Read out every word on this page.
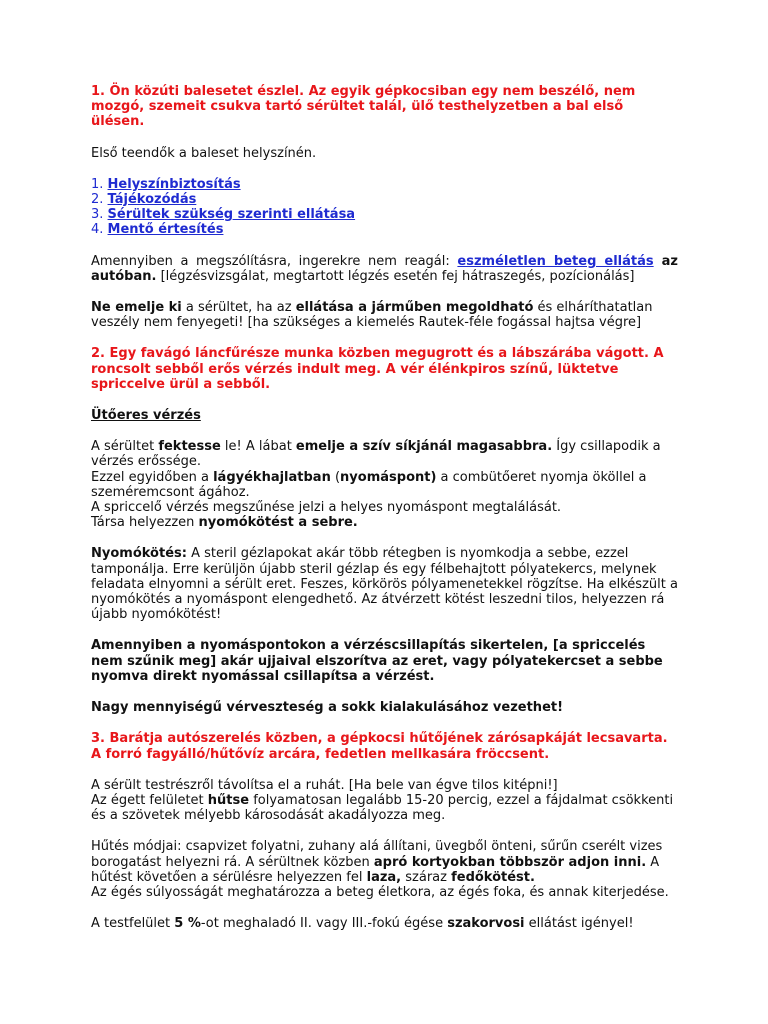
1. Ön közúti balesetet észlel. Az egyik gépkocsiban egy nem beszélő, nem mozgó, szemeit csukva tartó sérültet talál, ülő testhelyzetben a bal első ülésen.

Első teendők a baleset helyszínén.

1. Helyszínbiztosítás

2. Tájékozódás

3. Sérültek szükség szerinti ellátása

4. Mentő értesítés

Amennyiben a megszólításra, ingerekre nem reagál: eszméletlen beteg ellátás az autóban. [légzésvizsgálat, megtartott légzés esetén fej hátraszegés, pozícionálás]

Ne emelje ki a sérültet, ha az ellátása a járműben megoldható és elháríthatatlan veszély nem fenyegeti! [ha szükséges a kiemelés Rautek-féle fogással hajtsa végre]

2. Egy favágó láncfűrésze munka közben megugrott és a lábszárába vágott. A roncsolt sebből erős vérzés indult meg. A vér élénkpiros színű, lüktetve spriccelve ürül a sebből.

Ütőeres vérzés

A sérültet fektesse le! A lábat emelje a szív síkjánál magasabbra. Így csillapodik a vérzés erőssége.

Ezzel egyidőben a lágyékhajlatban (nyomáspont) a combütőeret nyomja ököllel a szeméremcsont ágához.

A spriccelő vérzés megszűnése jelzi a helyes nyomáspont megtalálását.

Társa helyezzen nyomókötést a sebre.

Nyomókötés: A steril gézlapokat akár több rétegben is nyomkodja a sebbe, ezzel tamponálja. Erre kerüljön újabb steril gézlap és egy félbehajtott pólyatekercs, melynek feladata elnyomni a sérült eret. Feszes, körkörös pólyamenetekkel rögzítse. Ha elkészült a nyomókötés a nyomáspont elengedhető. Az átvérzett kötést leszedni tilos, helyezzen rá újabb nyomókötést!

Amennyiben a nyomáspontokon a vérzéscsillapítás sikertelen, [a spriccelés nem szűnik meg] akár ujjaival elszorítva az eret, vagy pólyatekercset a sebbe nyomva direkt nyomással csillapítsa a vérzést.

Nagy mennyiségű vérveszteség a sokk kialakulásához vezethet!

3. Barátja autószerelés közben, a gépkocsi hűtőjének zárósapkáját lecsavarta. A forró fagyálló/hűtővíz arcára, fedetlen mellkasára fröccsent.

A sérült testrészről távolítsa el a ruhát. [Ha bele van égve tilos kitépni!]

Az égett felületet hűtse folyamatosan legalább 15-20 percig, ezzel a fájdalmat csökkenti és a szövetek mélyebb károsodását akadályozza meg.

Hűtés módjai: csapvizet folyatni, zuhany alá állítani, üvegből önteni, sűrűn cserélt vizes borogatást helyezni rá. A sérültnek közben apró kortyokban többször adjon inni. A hűtést követően a sérülésre helyezzen fel laza, száraz fedőkötést.

Az égés súlyosságát meghatározza a beteg életkora, az égés foka, és annak kiterjedése.

A testfelület 5 %-ot meghaladó II. vagy III.-fokú égése szakorvosi ellátást igényel!
